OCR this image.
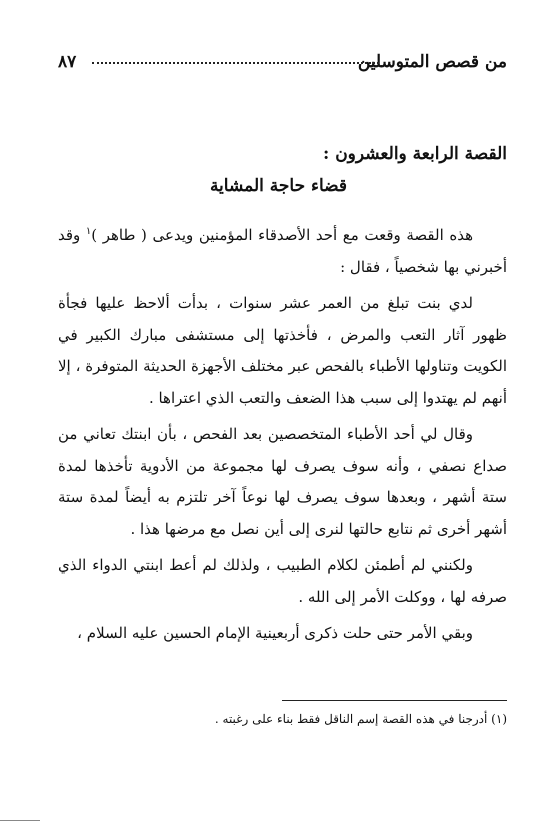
من قصص المتوسلين
٨٧
القصة الرابعة والعشرون :
قضاء حاجة المشاية

هذه القصة وقعت مع أحد الأصدقاء المؤمنين ويدعى ( طاهر )$^١$ وقد أخبرني بها شخصياً ، فقال :

لدي بنت تبلغ من العمر عشر سنوات ، بدأت ألاحظ عليها فجأة ظهور آثار التعب والمرض ، فأخذتها إلى مستشفى مبارك الكبير في الكويت وتناولها الأطباء بالفحص عبر مختلف الأجهزة الحديثة المتوفرة ، إلا أنهم لم يهتدوا إلى سبب هذا الضعف والتعب الذي اعتراها .

وقال لي أحد الأطباء المتخصصين بعد الفحص ، بأن ابنتك تعاني من صداع نصفي ، وأنه سوف يصرف لها مجموعة من الأدوية تأخذها لمدة ستة أشهر ، وبعدها سوف يصرف لها نوعاً آخر تلتزم به أيضاً لمدة ستة أشهر أخرى ثم نتابع حالتها لنرى إلى أين نصل مع مرضها هذا .

ولكنني لم أطمئن لكلام الطبيب ، ولذلك لم أعط ابنتي الدواء الذي صرفه لها ، ووكلت الأمر إلى الله .

وبقي الأمر حتى حلت ذكرى أربعينية الإمام الحسين عليه السلام ،

(١) أدرجنا في هذه القصة إسم الناقل فقط بناء على رغبته .
